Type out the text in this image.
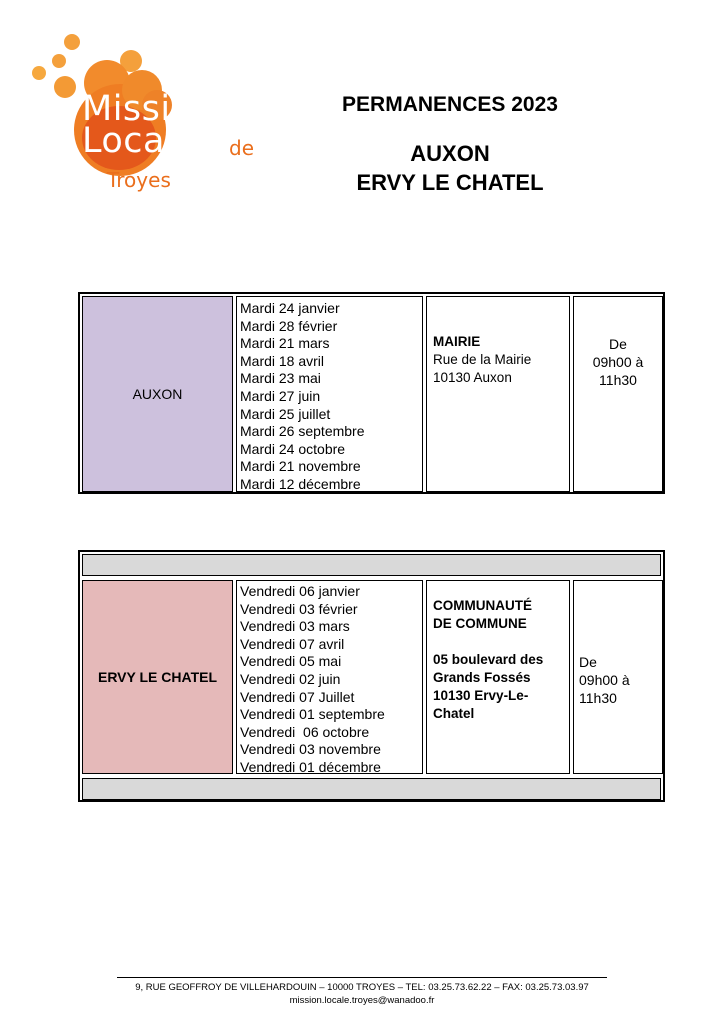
Mission
Locale de
Troyes
PERMANENCES 2023
AUXON
ERVY LE CHATEL
AUXON
Mardi 24 janvier
Mardi 28 février
Mardi 21 mars
Mardi 18 avril
Mardi 23 mai
Mardi 27 juin
Mardi 25 juillet
Mardi 26 septembre
Mardi 24 octobre
Mardi 21 novembre
Mardi 12 décembre
MAIRIE
Rue de la Mairie
10130 Auxon
De
09h00 à
11h30
ERVY LE CHATEL
Vendredi 06 janvier
Vendredi 03 février
Vendredi 03 mars
Vendredi 07 avril
Vendredi 05 mai
Vendredi 02 juin
Vendredi 07 Juillet
Vendredi 01 septembre
Vendredi  06 octobre
Vendredi 03 novembre
Vendredi 01 décembre
COMMUNAUTÉ
DE COMMUNE
05 boulevard des
Grands Fossés
10130 Ervy-Le-
Chatel
De
09h00 à
11h30
9, RUE GEOFFROY DE VILLEHARDOUIN – 10000 TROYES – TEL: 03.25.73.62.22 – FAX: 03.25.73.03.97
mission.locale.troyes@wanadoo.fr
